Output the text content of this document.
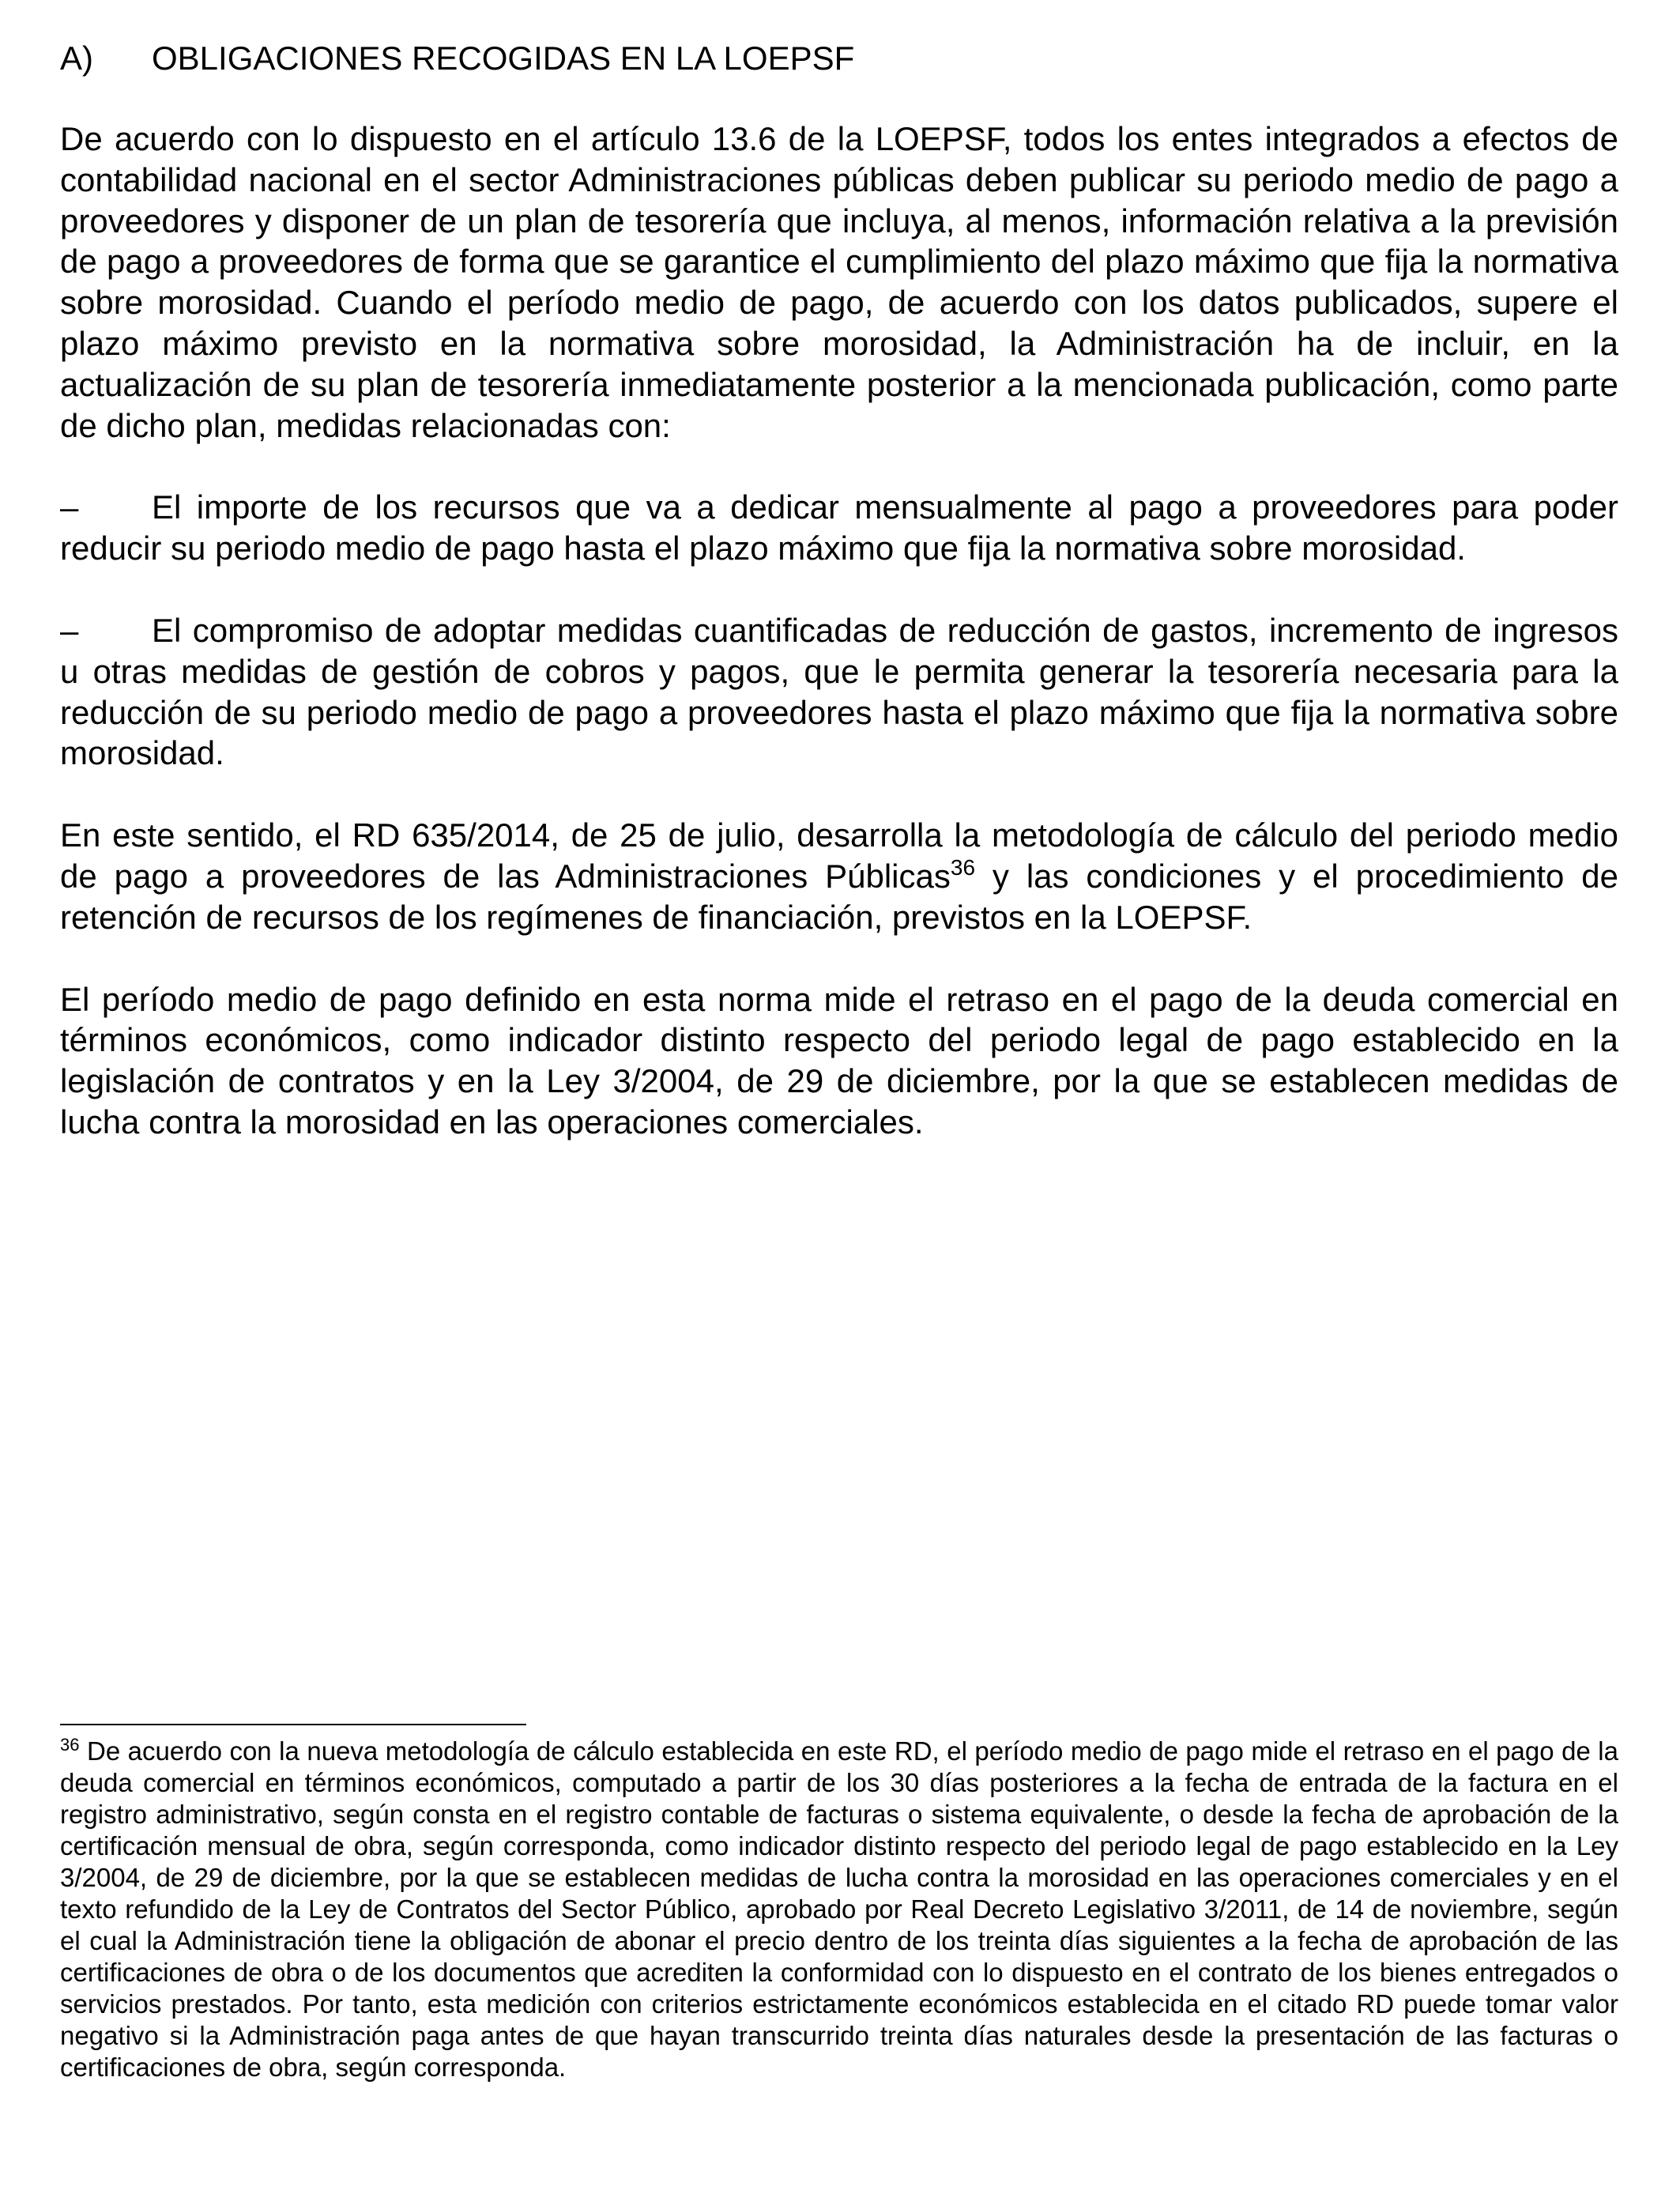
A) OBLIGACIONES RECOGIDAS EN LA LOEPSF

De acuerdo con lo dispuesto en el artículo 13.6 de la LOEPSF, todos los entes integrados a efectos de contabilidad nacional en el sector Administraciones públicas deben publicar su periodo medio de pago a proveedores y disponer de un plan de tesorería que incluya, al menos, información relativa a la previsión de pago a proveedores de forma que se garantice el cumplimiento del plazo máximo que fija la normativa sobre morosidad. Cuando el período medio de pago, de acuerdo con los datos publicados, supere el plazo máximo previsto en la normativa sobre morosidad, la Administración ha de incluir, en la actualización de su plan de tesorería inmediatamente posterior a la mencionada publicación, como parte de dicho plan, medidas relacionadas con:

– El importe de los recursos que va a dedicar mensualmente al pago a proveedores para poder reducir su periodo medio de pago hasta el plazo máximo que fija la normativa sobre morosidad.

– El compromiso de adoptar medidas cuantificadas de reducción de gastos, incremento de ingresos u otras medidas de gestión de cobros y pagos, que le permita generar la tesorería necesaria para la reducción de su periodo medio de pago a proveedores hasta el plazo máximo que fija la normativa sobre morosidad.

En este sentido, el RD 635/2014, de 25 de julio, desarrolla la metodología de cálculo del periodo medio de pago a proveedores de las Administraciones Públicas$^{36}$ y las condiciones y el procedimiento de retención de recursos de los regímenes de financiación, previstos en la LOEPSF.

El período medio de pago definido en esta norma mide el retraso en el pago de la deuda comercial en términos económicos, como indicador distinto respecto del periodo legal de pago establecido en la legislación de contratos y en la Ley 3/2004, de 29 de diciembre, por la que se establecen medidas de lucha contra la morosidad en las operaciones comerciales.

$^{36}$ De acuerdo con la nueva metodología de cálculo establecida en este RD, el período medio de pago mide el retraso en el pago de la deuda comercial en términos económicos, computado a partir de los 30 días posteriores a la fecha de entrada de la factura en el registro administrativo, según consta en el registro contable de facturas o sistema equivalente, o desde la fecha de aprobación de la certificación mensual de obra, según corresponda, como indicador distinto respecto del periodo legal de pago establecido en la Ley 3/2004, de 29 de diciembre, por la que se establecen medidas de lucha contra la morosidad en las operaciones comerciales y en el texto refundido de la Ley de Contratos del Sector Público, aprobado por Real Decreto Legislativo 3/2011, de 14 de noviembre, según el cual la Administración tiene la obligación de abonar el precio dentro de los treinta días siguientes a la fecha de aprobación de las certificaciones de obra o de los documentos que acrediten la conformidad con lo dispuesto en el contrato de los bienes entregados o servicios prestados. Por tanto, esta medición con criterios estrictamente económicos establecida en el citado RD puede tomar valor negativo si la Administración paga antes de que hayan transcurrido treinta días naturales desde la presentación de las facturas o certificaciones de obra, según corresponda.
